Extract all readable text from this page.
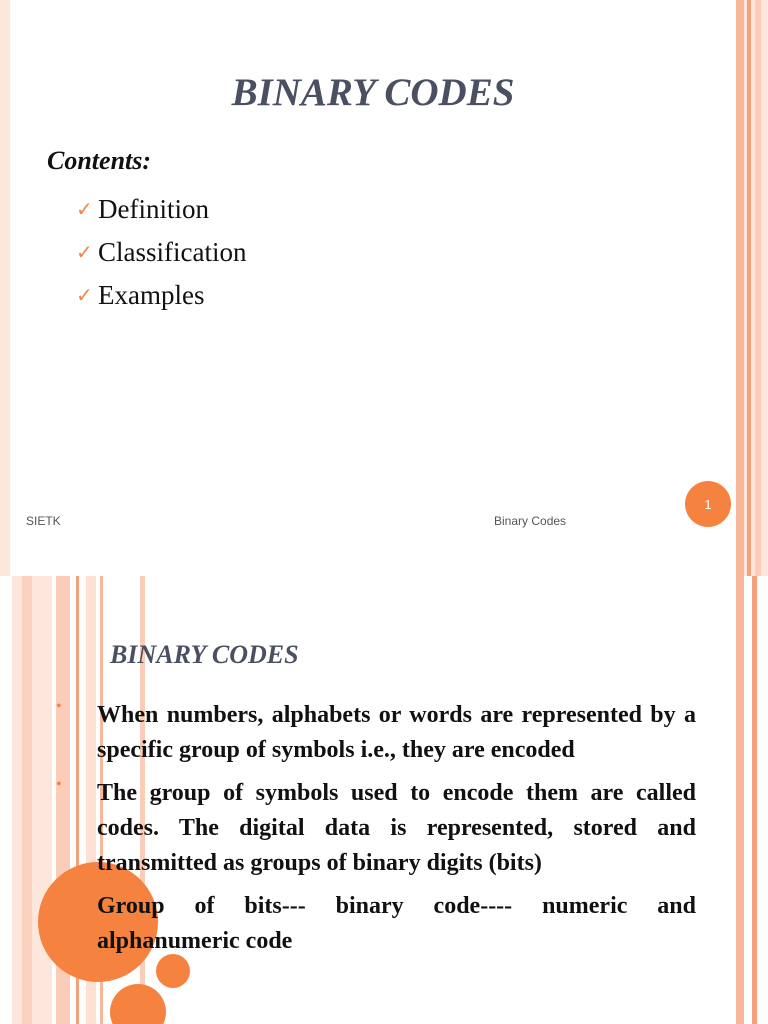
BINARY CODES
Contents:
✓ Definition
✓ Classification
✓ Examples
SIETK	Binary Codes
1
BINARY CODES
• When numbers, alphabets or words are represented by a specific group of symbols i.e., they are encoded
• The group of symbols used to encode them are called codes. The digital data is represented, stored and transmitted as groups of binary digits (bits)
• Group of bits--- binary code---- numeric and alphanumeric code
